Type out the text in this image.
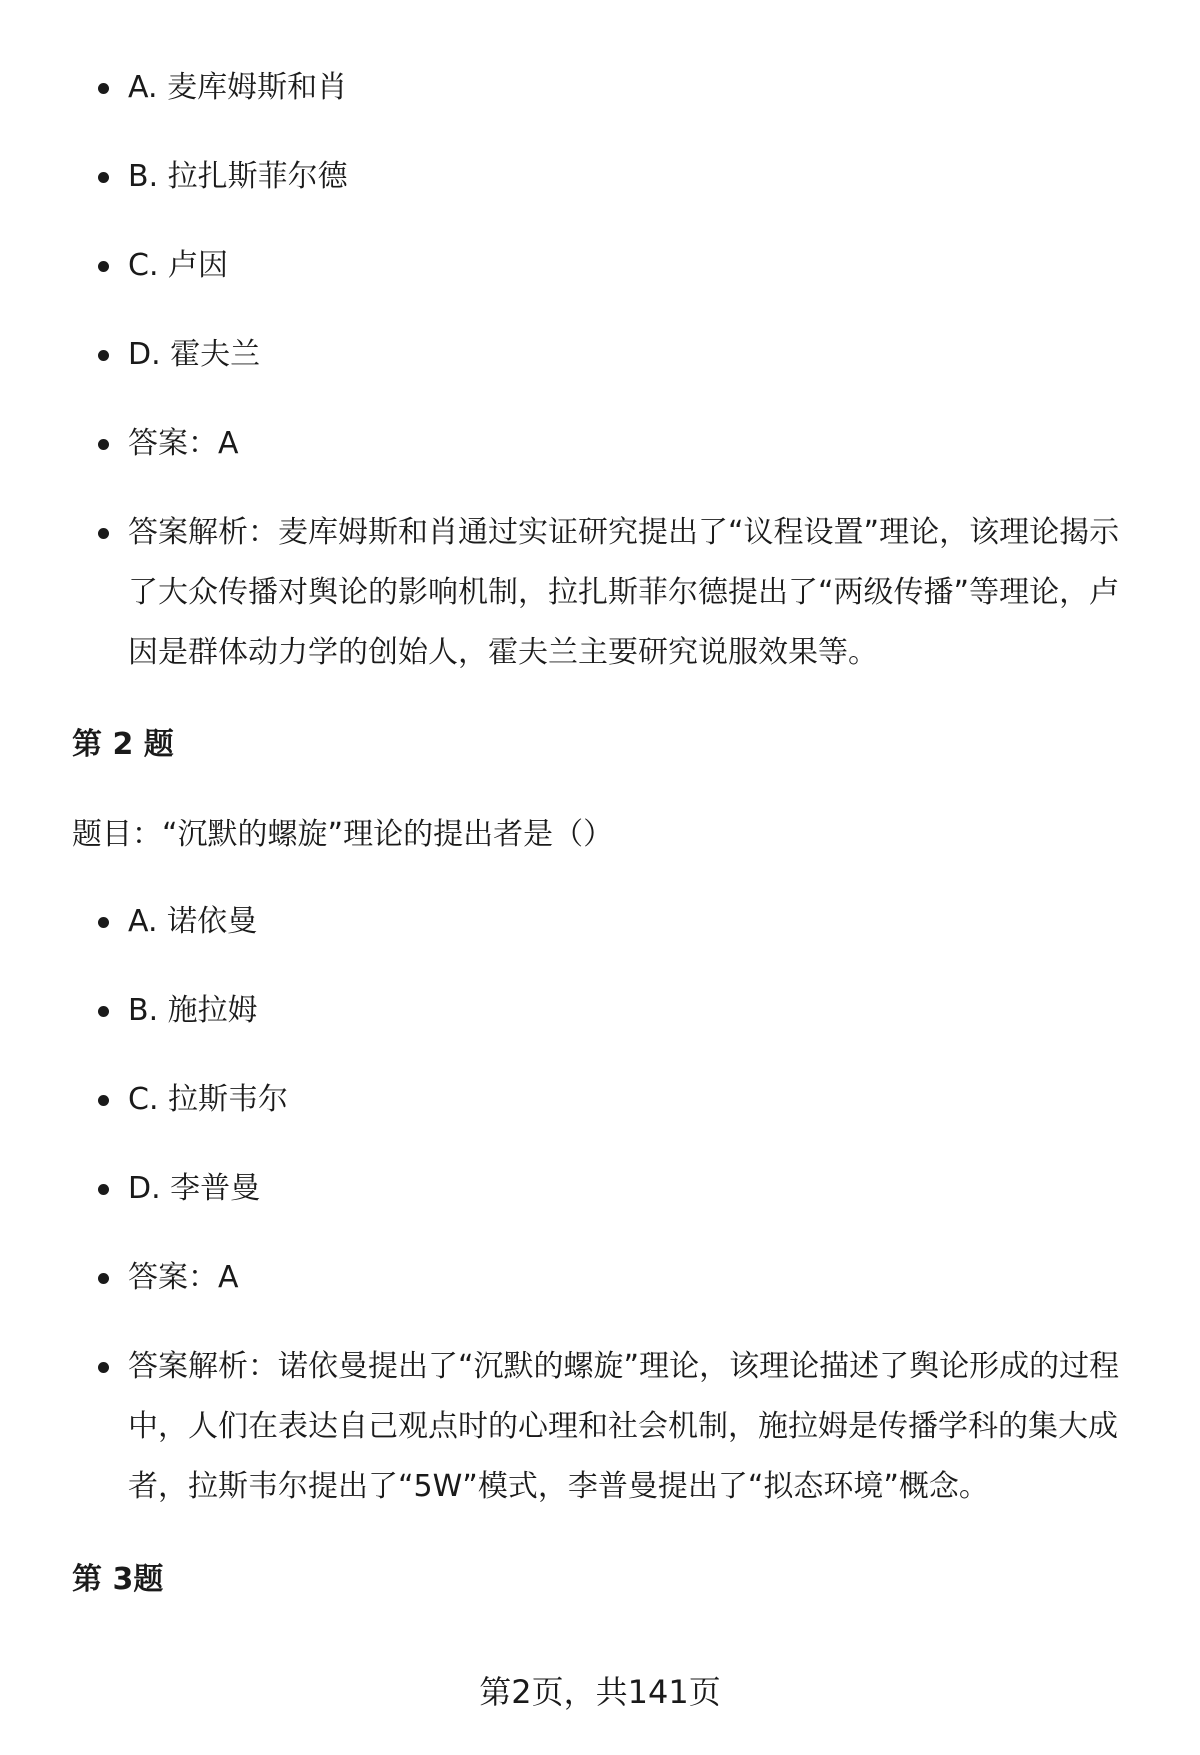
A. 麦库姆斯和肖
B. 拉扎斯菲尔德
C. 卢因
D. 霍夫兰
答案：A
答案解析：麦库姆斯和肖通过实证研究提出了“议程设置”理论，该理论揭示了大众传播对舆论的影响机制，拉扎斯菲尔德提出了“两级传播”等理论，卢因是群体动力学的创始人，霍夫兰主要研究说服效果等。
第 2 题
题目：“沉默的螺旋”理论的提出者是（）
A. 诺依曼
B. 施拉姆
C. 拉斯韦尔
D. 李普曼
答案：A
答案解析：诺依曼提出了“沉默的螺旋”理论，该理论描述了舆论形成的过程中，人们在表达自己观点时的心理和社会机制，施拉姆是传播学科的集大成者，拉斯韦尔提出了“5W”模式，李普曼提出了“拟态环境”概念。
第 3题
第2页，共141页
